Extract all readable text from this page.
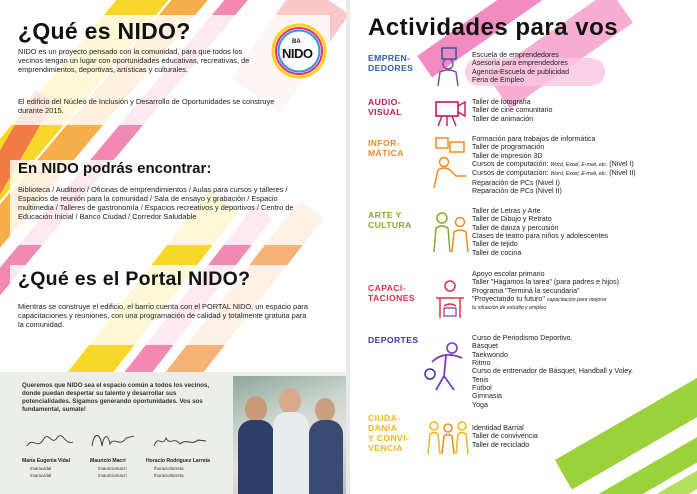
¿Qué es NIDO?	BA
NIDO
NIDO es un proyecto pensado con la comunidad, para que todos los vecinos tengan un lugar con oportunidades educativas, recreativas, de emprendimientos, deportivas, artísticas y culturales.
El edificio del Núcleo de Inclusión y Desarrollo de Oportunidades se construye durante 2015.
En NIDO podrás encontrar:
Biblioteca / Auditorio / Oficinas de emprendimientos / Aulas para cursos y talleres / Espacios de reunión para la comunidad / Sala de ensayo y grabación / Espacio multimedia / Talleres de gastronomía / Espacios recreativos y deportivos / Centro de Educación Inicial / Banco Ciudad / Corredor Saludable
¿Qué es el Portal NIDO?
Mientras se construye el edificio, el barrio cuenta con el PORTAL NIDO, un espacio para capacitaciones y reuniones, con una programación de calidad y totalmente gratuita para la comunidad.
Queremos que NIDO sea el espacio común a todos los vecinos, donde puedan despertar su talento y desarrollar sus potencialidades. Sigamos generando oportunidades. Vos sos fundamental, sumate!
María Eugenia Vidal
/mariuvidal
/mariuvidal
Mauricio Macri
/mauriciomacri
/mauriciomacri
Horacio Rodríguez Larreta
/horaciorlarreta
/horaciorlarreta
Actividades para vos
EMPREN-
DEDORES
Escuela de emprendedores
Asesoría para emprendedores
Agencia-Escuela de publicidad
Feria de Empleo
AUDIO-
VISUAL
Taller de fotografía
Taller de cine comunitario
Taller de animación
INFOR-
MÁTICA
Formación para trabajos de informática
Taller de programación
Taller de impresión 3D
Cursos de computación: Word, Excel, E-mail, etc. (Nivel I)
Cursos de computación: Word, Excel, E-mail, etc. (Nivel II)
Reparación de PCs (Nivel I)
Reparación de PCs (Nivel II)
ARTE Y
CULTURA
Taller de Letras y Arte
Taller de Dibujo y Retrato
Taller de danza y percusión
Clases de teatro para niños y adolescentes
Taller de tejido
Taller de cocina
CAPACI-
TACIONES
Apoyo escolar primario
Taller "Hagamos la tarea" (para padres e hijos)
Programa "Terminá la secundaria"
"Proyectando tu futuro" capacitación para mejorar
tu situación de estudio y empleo
DEPORTES	Curso de Periodismo Deportivo.
Básquet
Taekwondo
Ritmo
Curso de entrenador de Básquet, Handball y Voley.
Tenis
Fútbol
Gimnasia
Yoga
CIUDA-
DANÍA
Y CONVI-
VENCIA
Identidad Barrial
Taller de convivencia
Taller de reciclado
